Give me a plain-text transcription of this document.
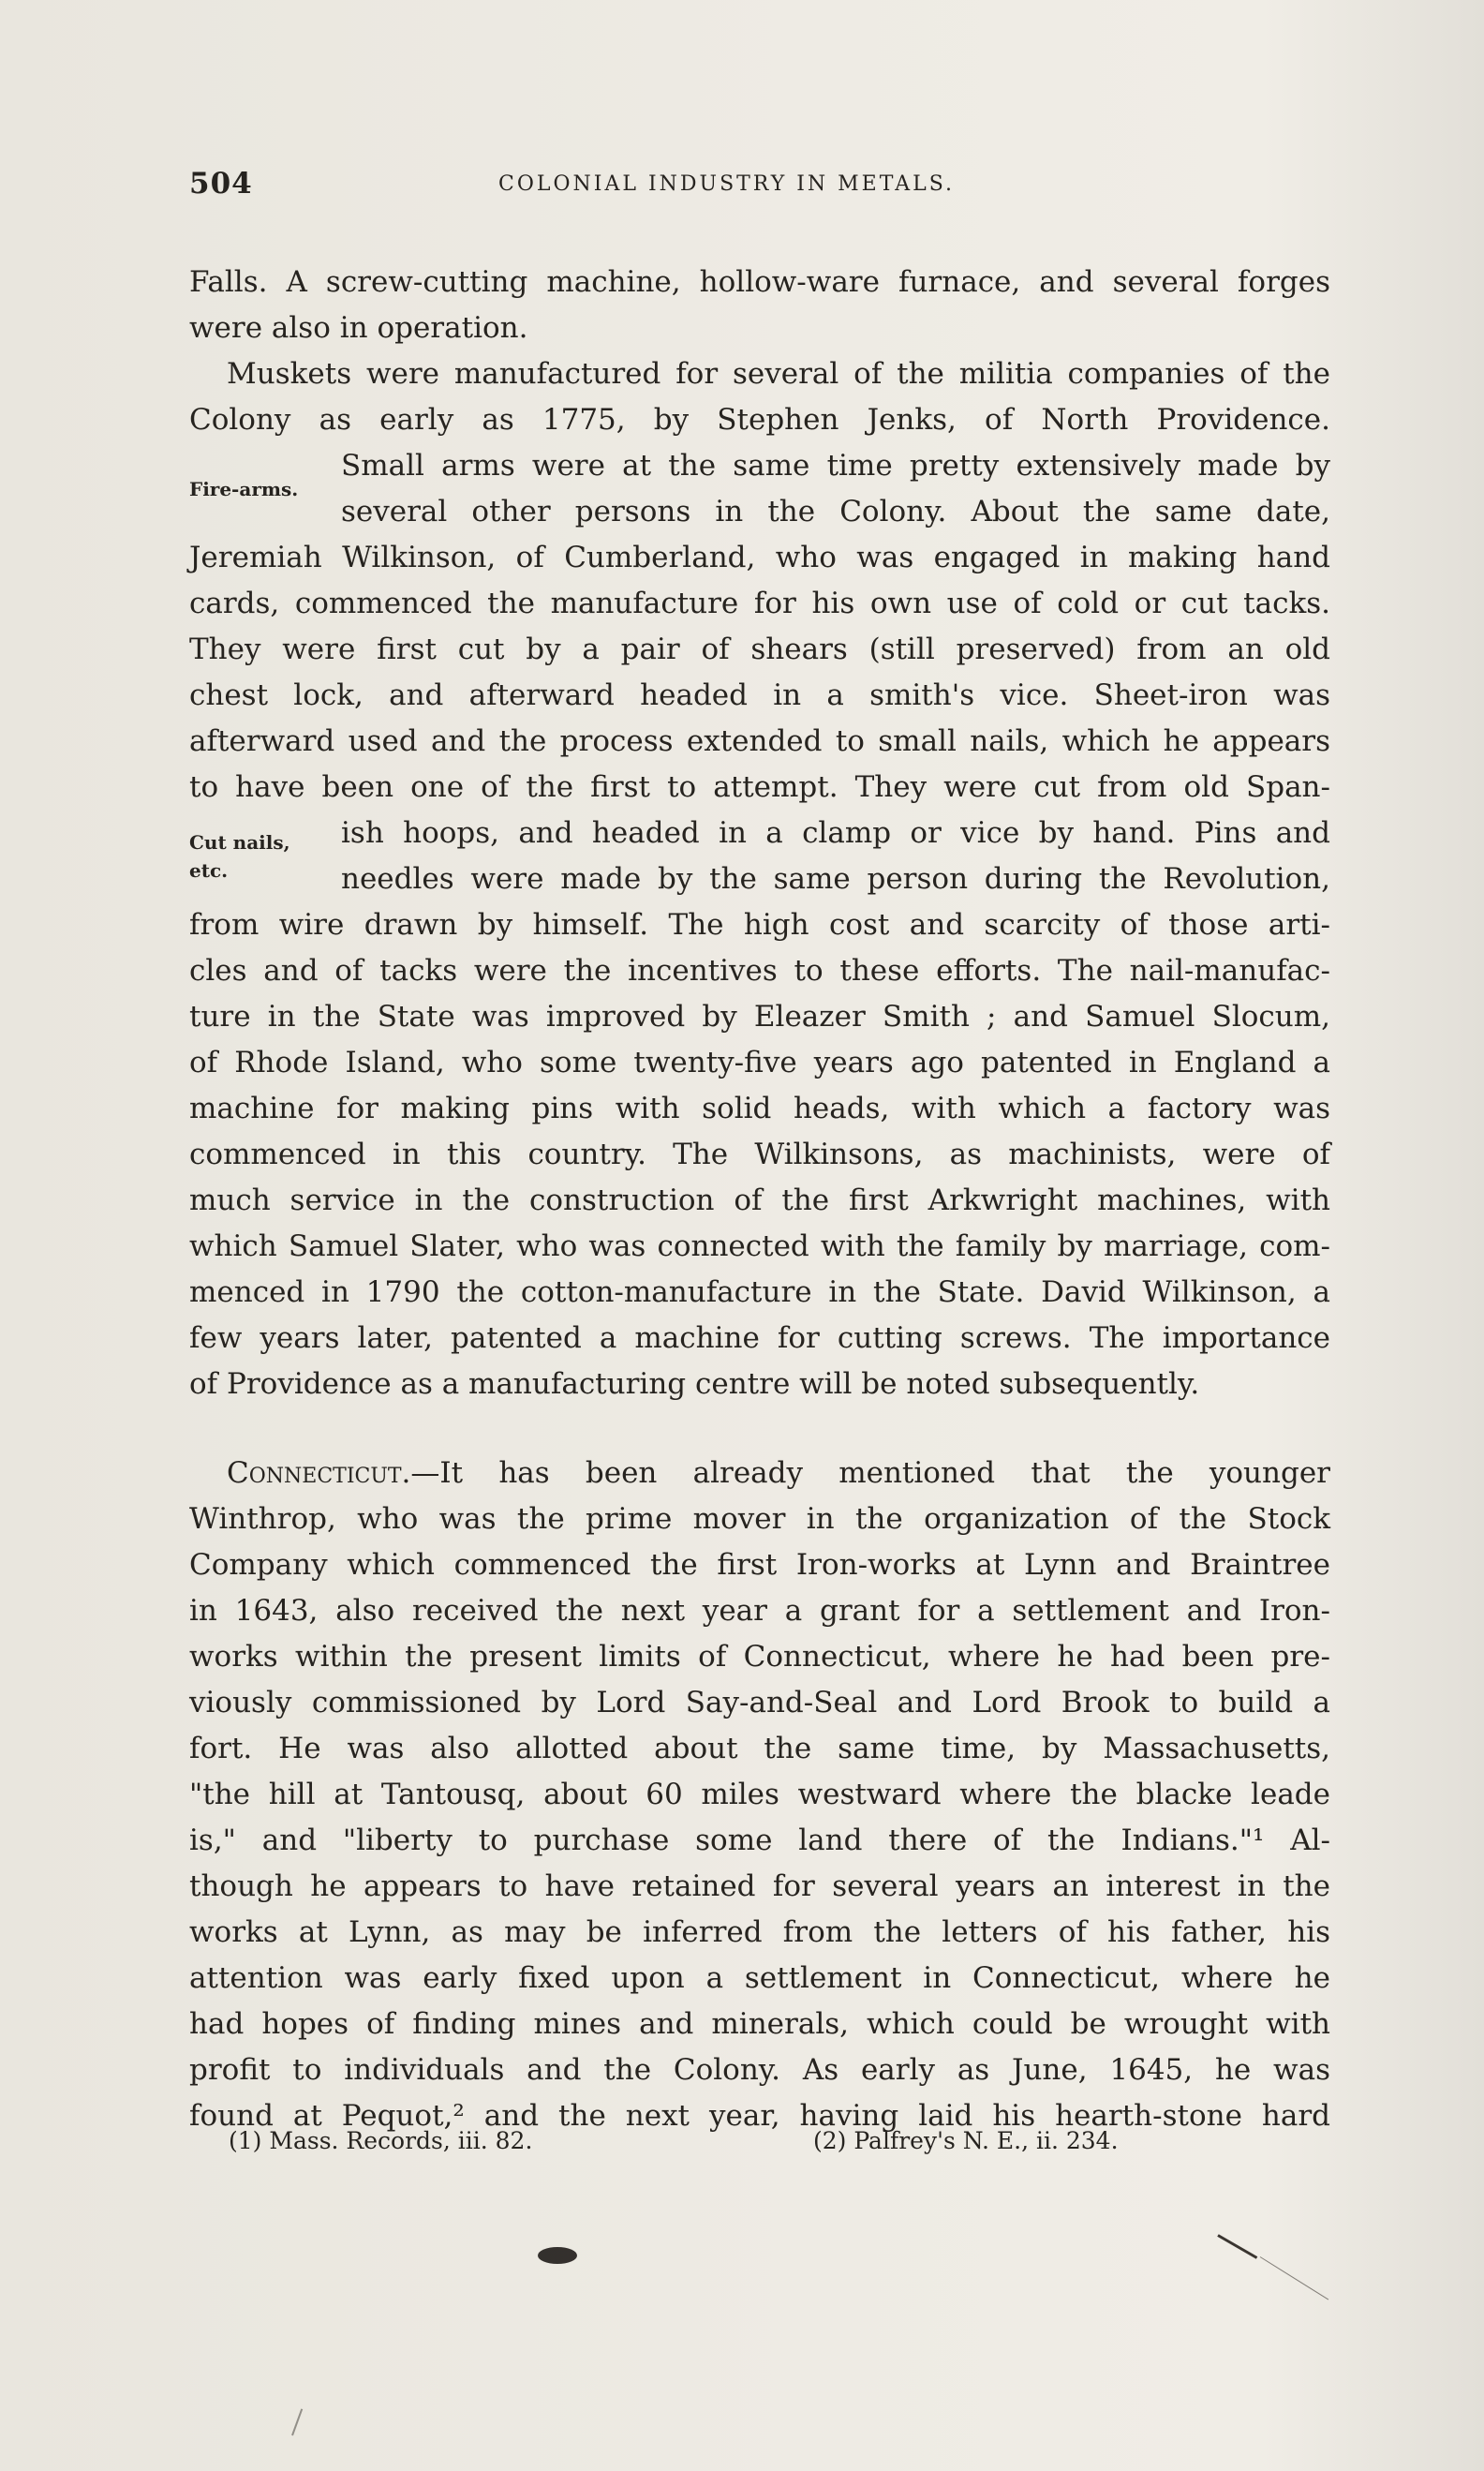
504	COLONIAL INDUSTRY IN METALS.
Fire-arms.
Cut nails,
etc.
Falls. A screw-cutting machine, hollow-ware furnace, and several forges
were also in operation.
Muskets were manufactured for several of the militia companies of the
Colony as early as 1775, by Stephen Jenks, of North Providence.
Small arms were at the same time pretty extensively made by
several other persons in the Colony. About the same date,
Jeremiah Wilkinson, of Cumberland, who was engaged in making hand
cards, commenced the manufacture for his own use of cold or cut tacks.
They were first cut by a pair of shears (still preserved) from an old
chest lock, and afterward headed in a smith's vice. Sheet-iron was
afterward used and the process extended to small nails, which he appears
to have been one of the first to attempt. They were cut from old Span-
ish hoops, and headed in a clamp or vice by hand. Pins and
needles were made by the same person during the Revolution,
from wire drawn by himself. The high cost and scarcity of those arti-
cles and of tacks were the incentives to these efforts. The nail-manufac-
ture in the State was improved by Eleazer Smith ; and Samuel Slocum,
of Rhode Island, who some twenty-five years ago patented in England a
machine for making pins with solid heads, with which a factory was
commenced in this country. The Wilkinsons, as machinists, were of
much service in the construction of the first Arkwright machines, with
which Samuel Slater, who was connected with the family by marriage, com-
menced in 1790 the cotton-manufacture in the State. David Wilkinson, a
few years later, patented a machine for cutting screws. The importance
of Providence as a manufacturing centre will be noted subsequently.
Connecticut.—It has been already mentioned that the younger
Winthrop, who was the prime mover in the organization of the Stock
Company which commenced the first Iron-works at Lynn and Braintree
in 1643, also received the next year a grant for a settlement and Iron-
works within the present limits of Connecticut, where he had been pre-
viously commissioned by Lord Say-and-Seal and Lord Brook to build a
fort. He was also allotted about the same time, by Massachusetts,
"the hill at Tantousq, about 60 miles westward where the blacke leade
is," and "liberty to purchase some land there of the Indians."¹ Al-
though he appears to have retained for several years an interest in the
works at Lynn, as may be inferred from the letters of his father, his
attention was early fixed upon a settlement in Connecticut, where he
had hopes of finding mines and minerals, which could be wrought with
profit to individuals and the Colony. As early as June, 1645, he was
found at Pequot,² and the next year, having laid his hearth-stone hard
(1) Mass. Records, iii. 82.	(2) Palfrey's N. E., ii. 234.
